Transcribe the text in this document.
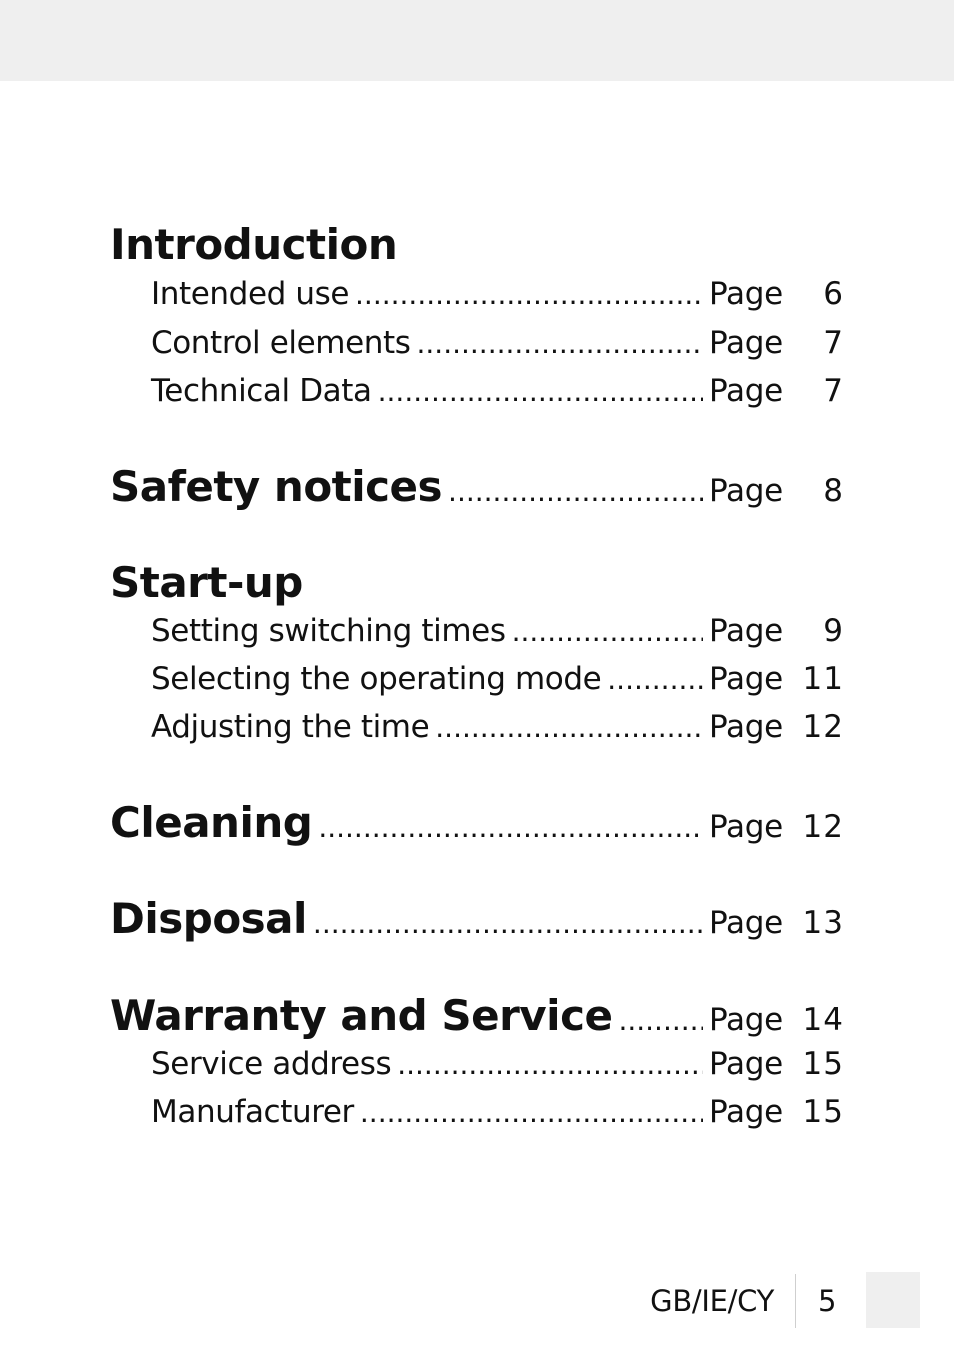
Introduction
Intended use .....	Page	6
Control elements .....	Page	7
Technical Data .....	Page	7
Safety notices .....	Page	8
Start-up
Setting switching times .....	Page	9
Selecting the operating mode .....	Page 11
Adjusting the time .....	Page 12
Cleaning .....	Page 12
Disposal .....	Page 13
Warranty and Service .....	Page 14
Service address .....	Page 15
Manufacturer .....	Page 15
GB/IE/CY 5
